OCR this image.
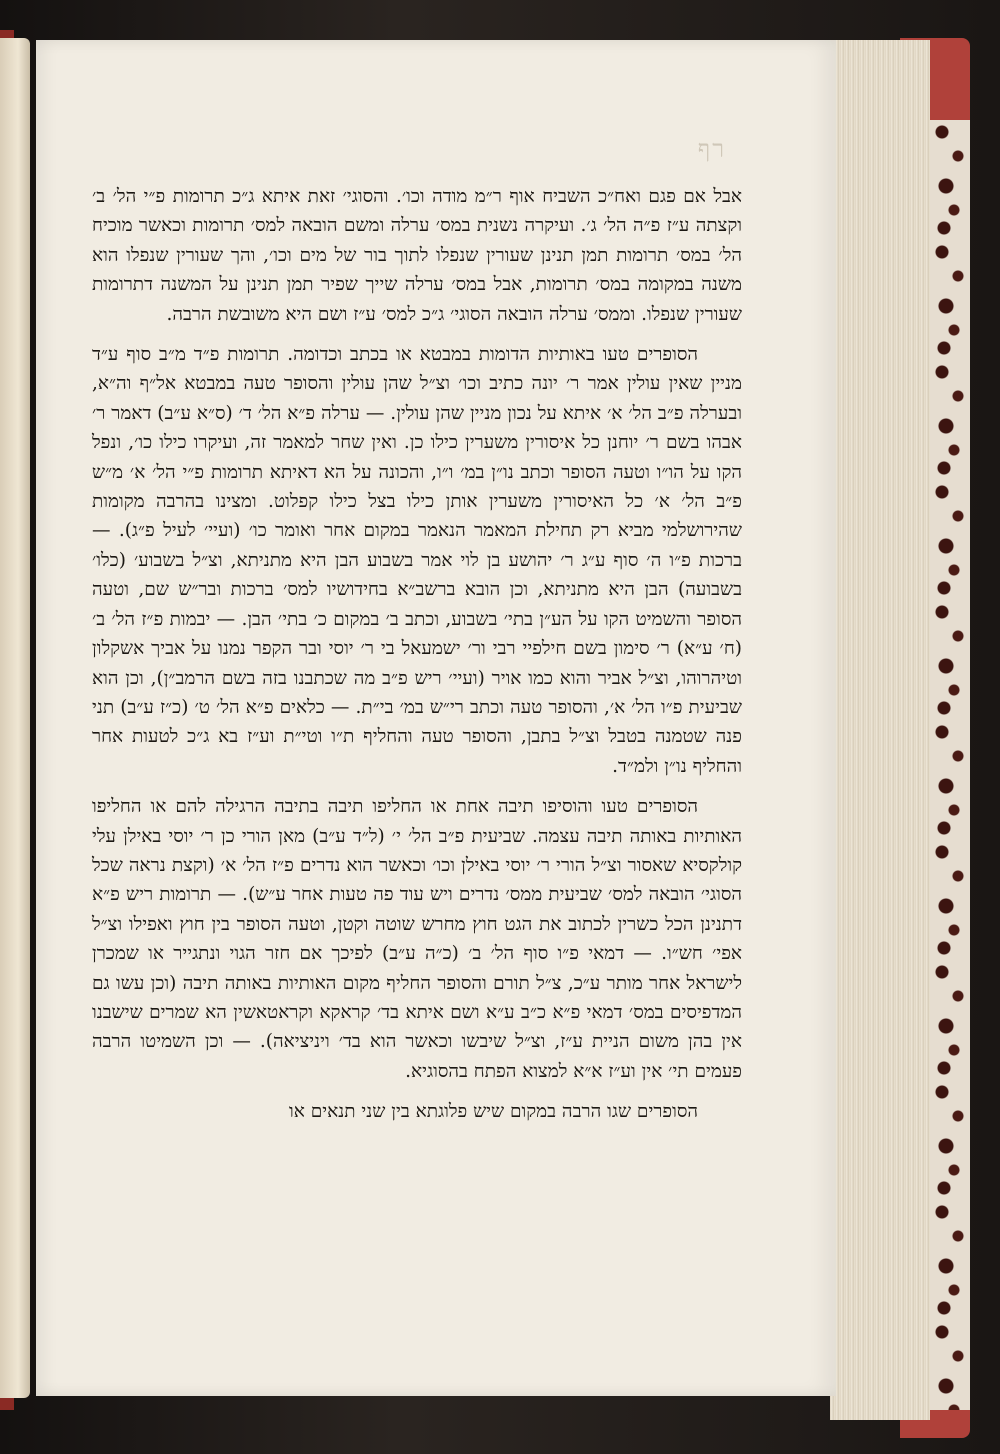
רף

אבל אם פגם ואח״כ השביח אוף ר״מ מודה וכו׳. והסוגי׳ זאת איתא ג״כ תרומות פ״י הל׳ ב׳ וקצתה ע״ז פ״ה הל׳ ג׳. ועיקרה נשנית במס׳ ערלה ומשם הובאה למס׳ תרומות וכאשר מוכיח הל׳ במס׳ תרומות תמן תנינן שעורין שנפלו לתוך בור של מים וכו׳, והך שעורין שנפלו הוא משנה במקומה במס׳ תרומות, אבל במס׳ ערלה שייך שפיר תמן תנינן על המשנה דתרומות שעורין שנפלו. וממס׳ ערלה הובאה הסוגי׳ ג״כ למס׳ ע״ז ושם היא משובשת הרבה.

הסופרים טעו באותיות הדומות במבטא או בכתב וכדומה. תרומות פ״ד מ״ב סוף ע״ד מניין שאין עולין אמר ר׳ יונה כתיב וכו׳ וצ״ל שהן עולין והסופר טעה במבטא אל״ף וה״א, ובערלה פ״ב הל׳ א׳ איתא על נכון מניין שהן עולין. — ערלה פ״א הל׳ ד׳ (ס״א ע״ב) דאמר ר׳ אבהו בשם ר׳ יוחנן כל איסורין משערין כילו כן. ואין שחר למאמר זה, ועיקרו כילו כו׳, ונפל הקו על הו״ו וטעה הסופר וכתב נו״ן במ׳ ו״ו, והכונה על הא דאיתא תרומות פ״י הל׳ א׳ מ״ש פ״ב הל׳ א׳ כל האיסורין משערין אותן כילו בצל כילו קפלוט. ומצינו בהרבה מקומות שהירושלמי מביא רק תחילת המאמר הנאמר במקום אחר ואומר כו׳ (ועיי׳ לעיל פ״ג). — ברכות פ״ו ה׳ סוף ע״ג ר׳ יהושע בן לוי אמר בשבוע הבן היא מתניתא, וצ״ל בשבוע׳ (כלו׳ בשבועה) הבן היא מתניתא, וכן הובא ברשב״א בחידושיו למס׳ ברכות ובר״ש שם, וטעה הסופר והשמיט הקו על הע״ן בתי׳ בשבוע, וכתב ב׳ במקום כ׳ בתי׳ הבן. — יבמות פ״ז הל׳ ב׳ (ח׳ ע״א) ר׳ סימון בשם חילפיי רבי ור׳ ישמעאל בי ר׳ יוסי ובר הקפר נמנו על אביך אשקלון וטיהרוהו, וצ״ל אביר והוא כמו אויר (ועיי׳ ריש פ״ב מה שכתבנו בזה בשם הרמב״ן), וכן הוא שביעית פ״ו הל׳ א׳, והסופר טעה וכתב רי״ש במ׳ בי״ת. — כלאים פ״א הל׳ ט׳ (כ״ז ע״ב) תני פנה שטמנה בטבל וצ״ל בתבן, והסופר טעה והחליף ת״ו וטי״ת וע״ז בא ג״כ לטעות אחר והחליף נו״ן ולמ״ד.

הסופרים טעו והוסיפו תיבה אחת או החליפו תיבה בתיבה הרגילה להם או החליפו האותיות באותה תיבה עצמה. שביעית פ״ב הל׳ י׳ (ל״ד ע״ב) מאן הורי כן ר׳ יוסי באילן עלי קולקסיא שאסור וצ״ל הורי ר׳ יוסי באילן וכו׳ וכאשר הוא נדרים פ״ז הל׳ א׳ (וקצת נראה שכל הסוגי׳ הובאה למס׳ שביעית ממס׳ נדרים ויש עוד פה טעות אחר ע״ש). — תרומות ריש פ״א דתנינן הכל כשרין לכתוב את הגט חוץ מחרש שוטה וקטן, וטעה הסופר בין חוץ ואפילו וצ״ל אפי׳ חש״ו. — דמאי פ״ו סוף הל׳ ב׳ (כ״ה ע״ב) לפיכך אם חזר הגוי ונתגייר או שמכרן לישראל אחר מותר ע״כ, צ״ל תורם והסופר החליף מקום האותיות באותה תיבה (וכן עשו גם המדפיסים במס׳ דמאי פ״א כ״ב ע״א ושם איתא בד׳ קראקא וקראטאשין הא שמרים שישבנו אין בהן משום הניית ע״ז, וצ״ל שיבשו וכאשר הוא בד׳ ויניציאה). — וכן השמיטו הרבה פעמים תי׳ אין וע״ז א״א למצוא הפתח בהסוגיא.

הסופרים שגו הרבה במקום שיש פלוגתא בין שני תנאים או
